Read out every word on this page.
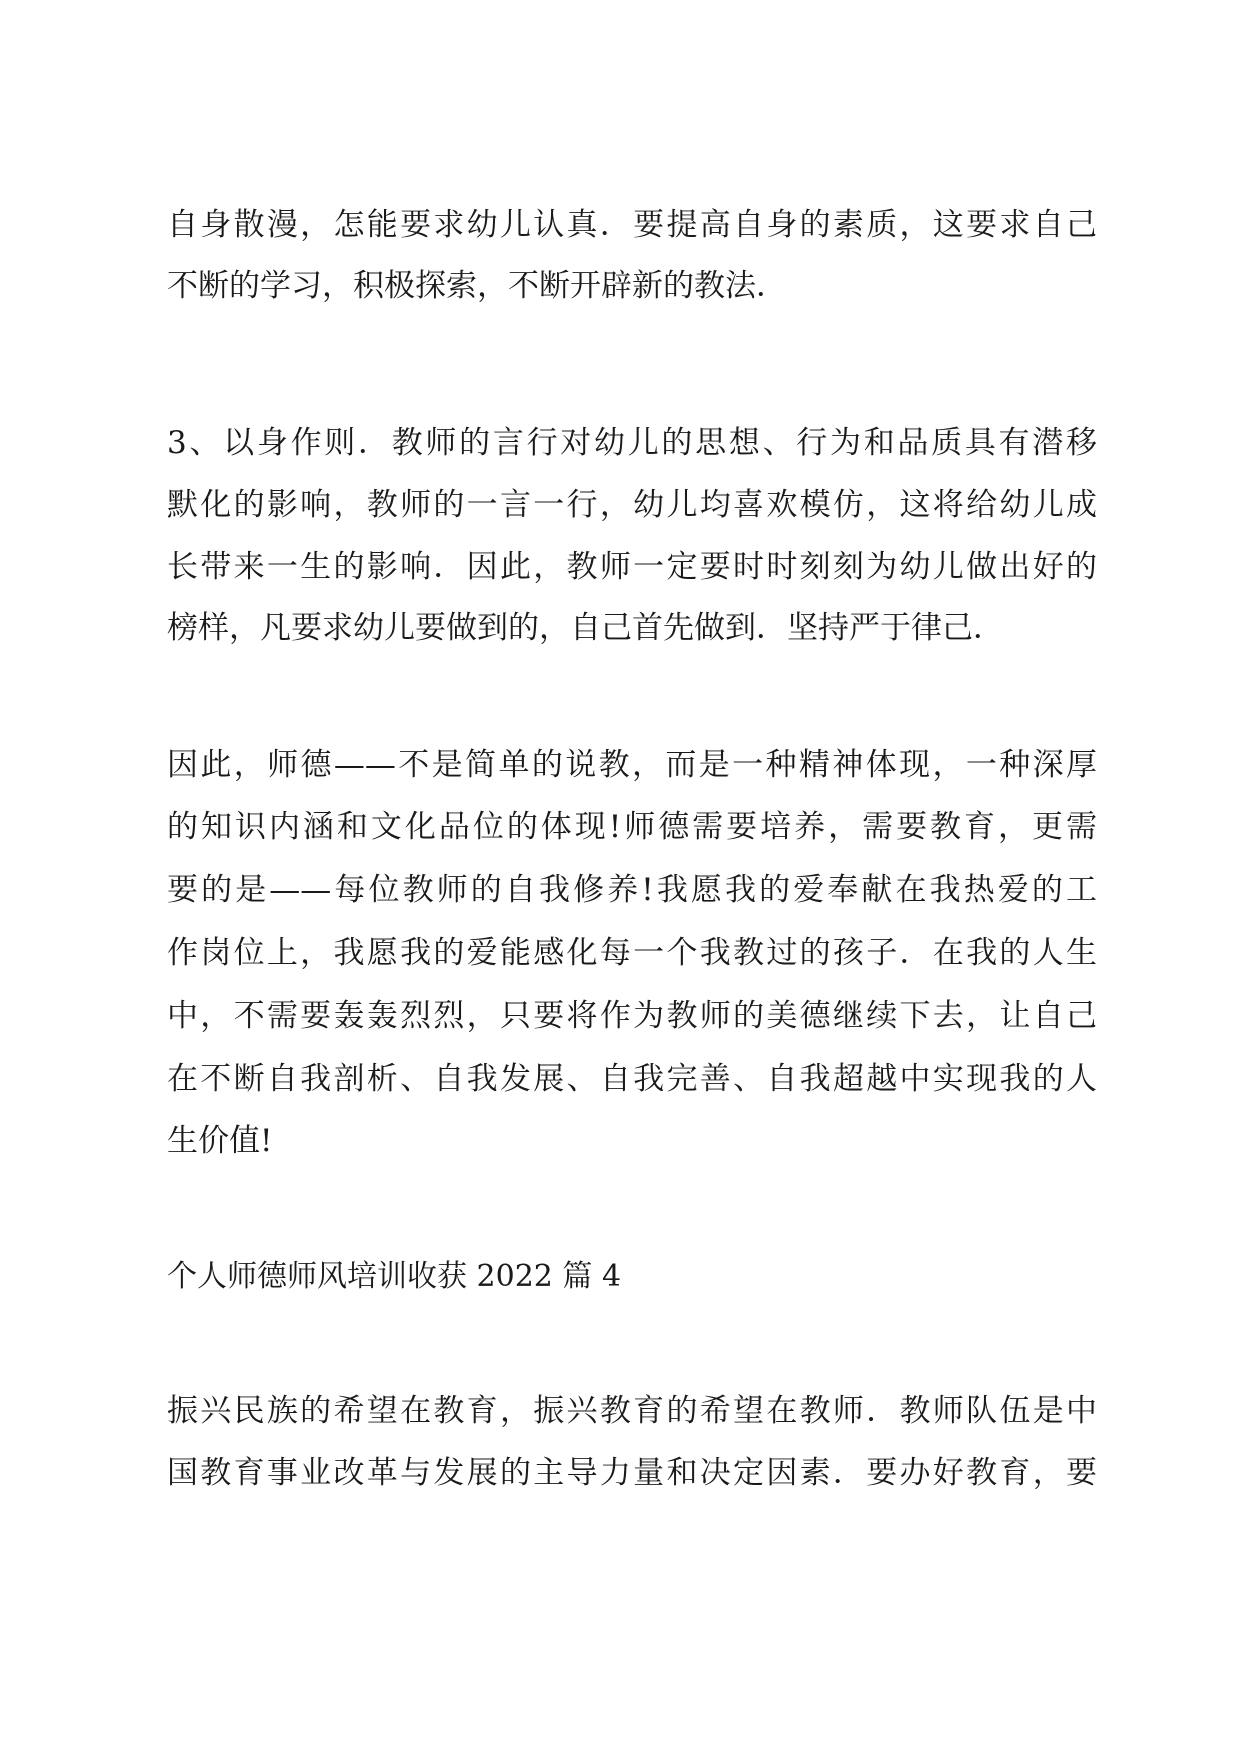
自身散漫，怎能要求幼儿认真．要提高自身的素质，这要求自己
不断的学习，积极探索，不断开辟新的教法．
3、以身作则．教师的言行对幼儿的思想、行为和品质具有潜移
默化的影响，教师的一言一行，幼儿均喜欢模仿，这将给幼儿成
长带来一生的影响．因此，教师一定要时时刻刻为幼儿做出好的
榜样，凡要求幼儿要做到的，自己首先做到．坚持严于律己．
因此，师德——不是简单的说教，而是一种精神体现，一种深厚
的知识内涵和文化品位的体现!师德需要培养，需要教育，更需
要的是——每位教师的自我修养!我愿我的爱奉献在我热爱的工
作岗位上，我愿我的爱能感化每一个我教过的孩子．在我的人生
中，不需要轰轰烈烈，只要将作为教师的美德继续下去，让自己
在不断自我剖析、自我发展、自我完善、自我超越中实现我的人
生价值!
个人师德师风培训收获 2022 篇 4
振兴民族的希望在教育，振兴教育的希望在教师．教师队伍是中
国教育事业改革与发展的主导力量和决定因素．要办好教育，要
